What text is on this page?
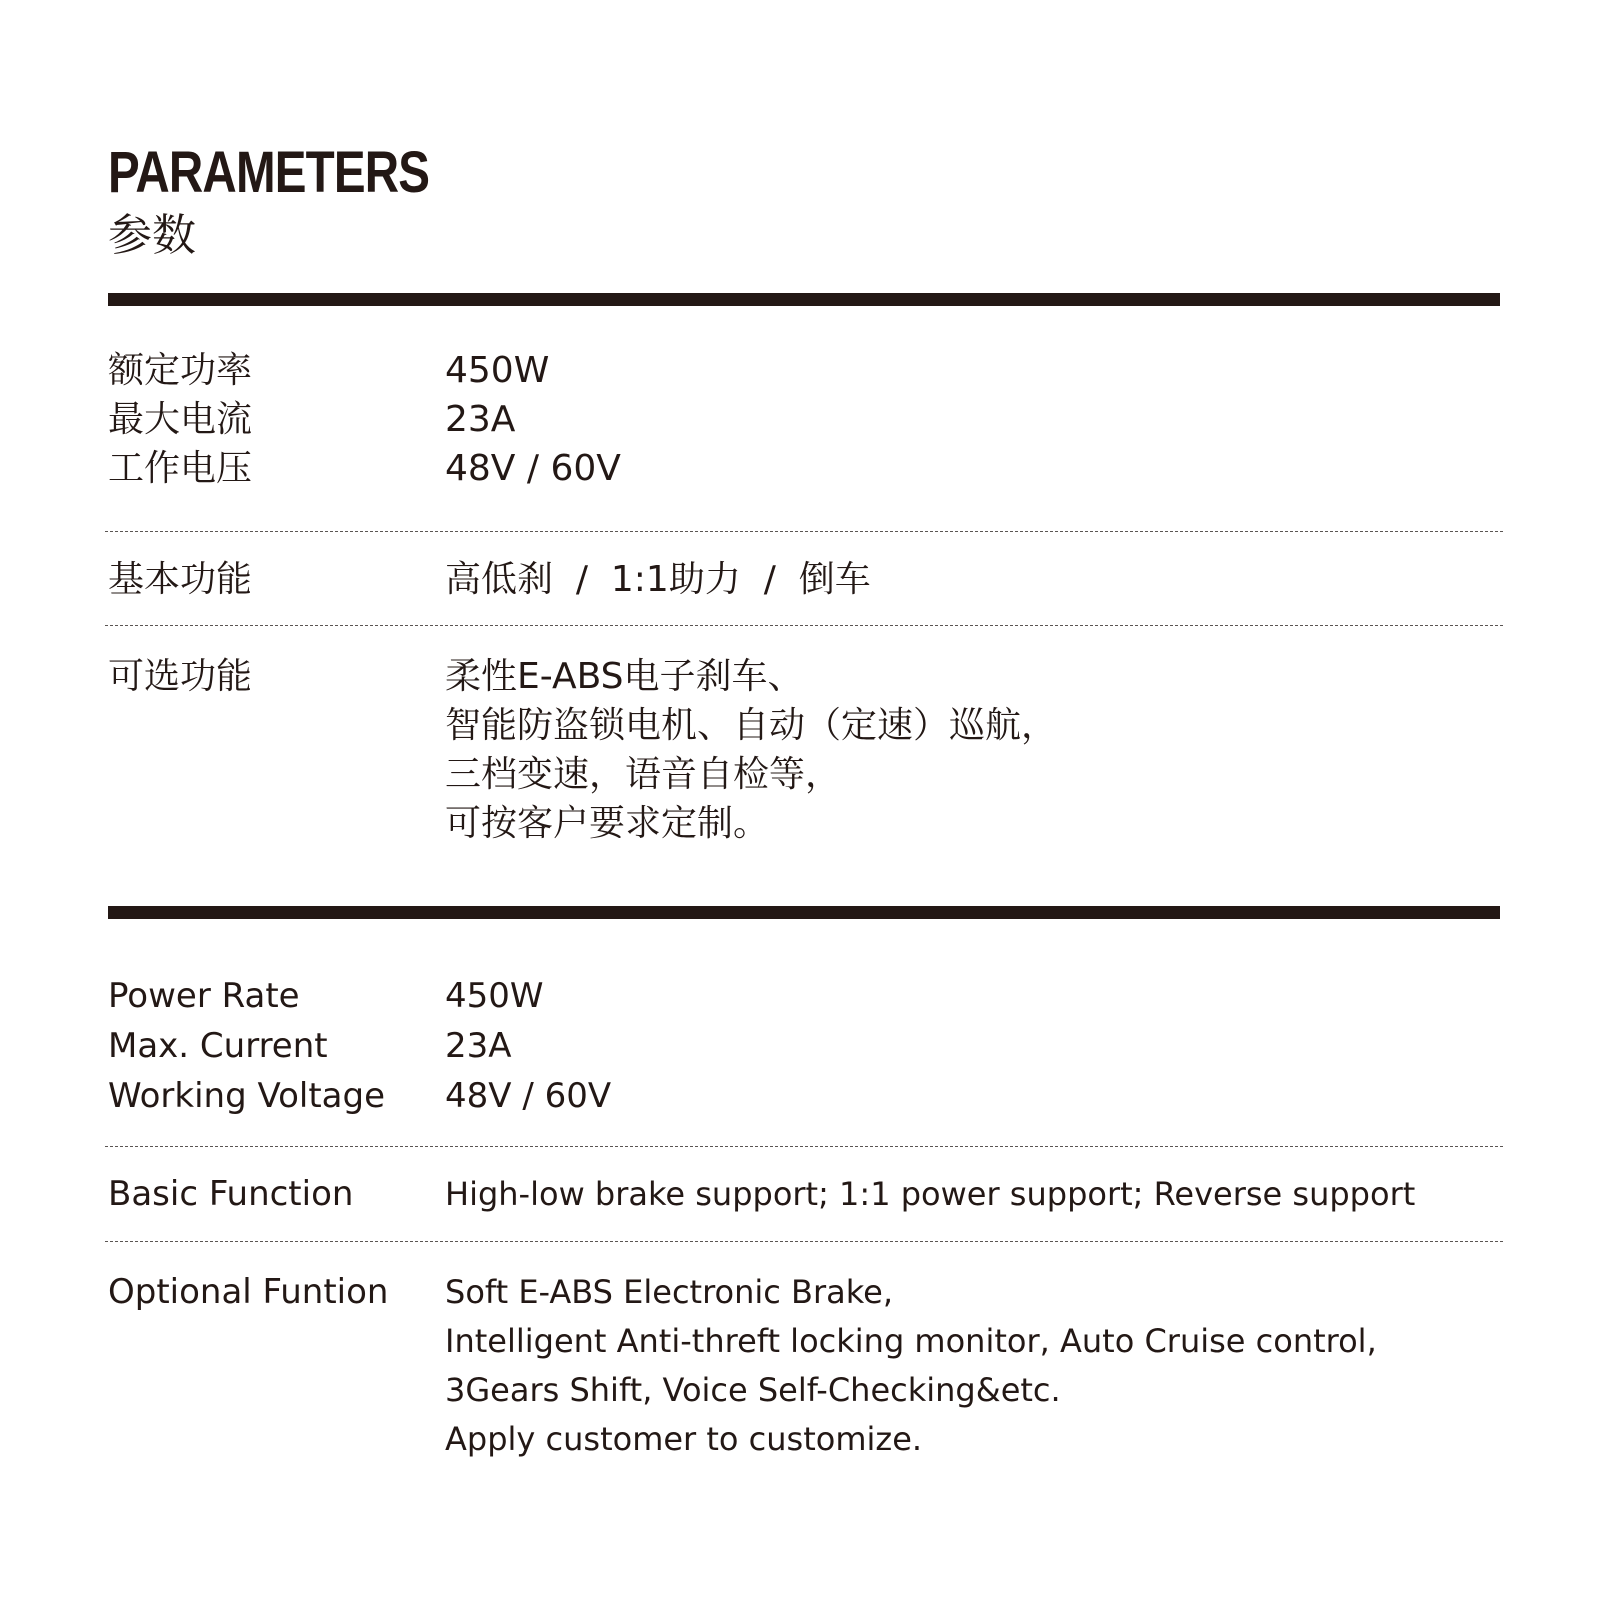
PARAMETERS
参数
额定功率	450W
最大电流	23A
工作电压	48V / 60V
基本功能	高低刹  /  1:1助力  /  倒车
可选功能	柔性E-ABS电子刹车、
智能防盗锁电机、自动（定速）巡航，
三档变速，语音自检等，
可按客户要求定制。
Power Rate	450W
Max. Current	23A
Working Voltage	48V / 60V
Basic Function	High-low brake support; 1:1 power support; Reverse support
Optional Funtion	Soft E-ABS Electronic Brake,
Intelligent Anti-threft locking monitor, Auto Cruise control,
3Gears Shift, Voice Self-Checking&etc.
Apply customer to customize.
